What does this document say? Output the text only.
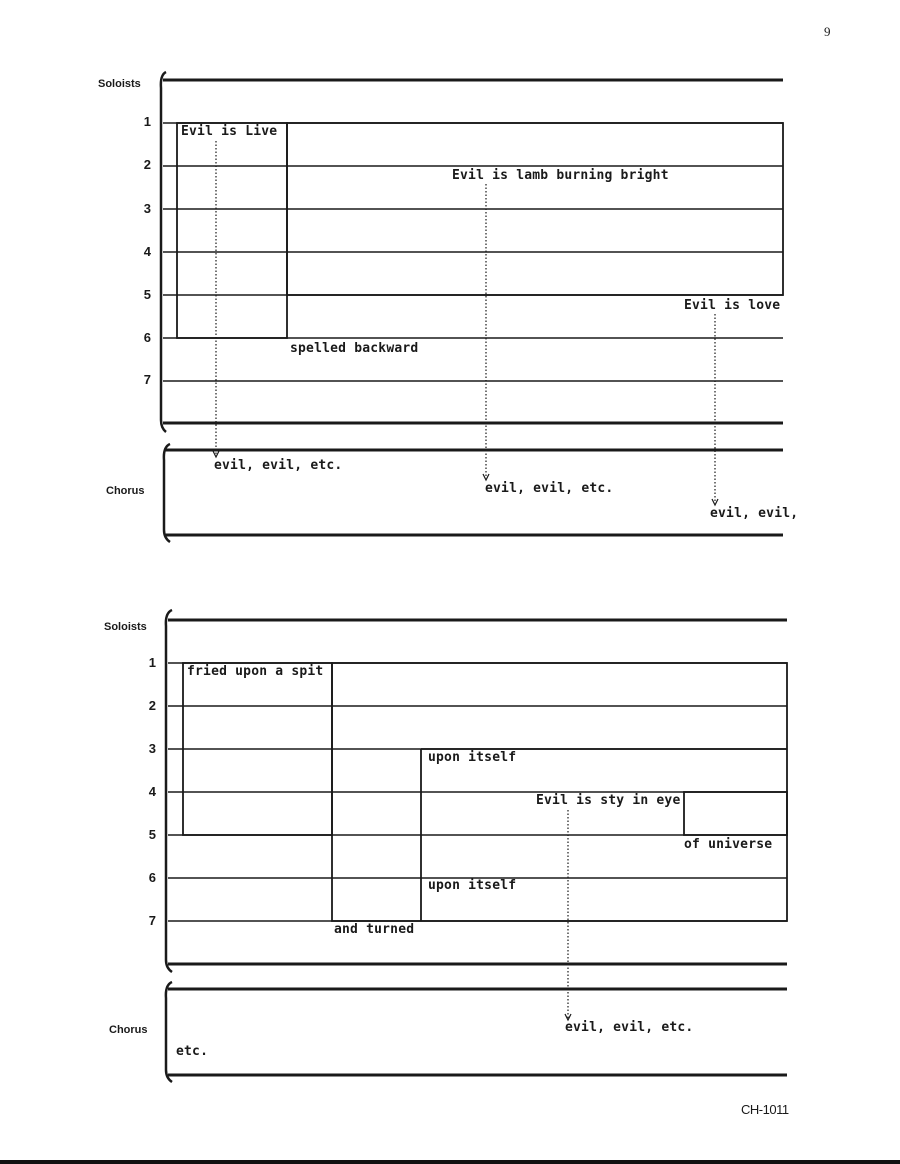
9
CH-1011
Soloists
Chorus
1
2
3
4
5
6
7
Evil is Live
Evil is lamb burning bright
Evil is love
spelled backward
evil, evil, etc.
evil, evil, etc.
evil, evil,
Soloists
Chorus
1
2
3
4
5
6
7
fried upon a spit
upon itself
Evil is sty in eye
of universe
upon itself
and turned
evil, evil, etc.
etc.
